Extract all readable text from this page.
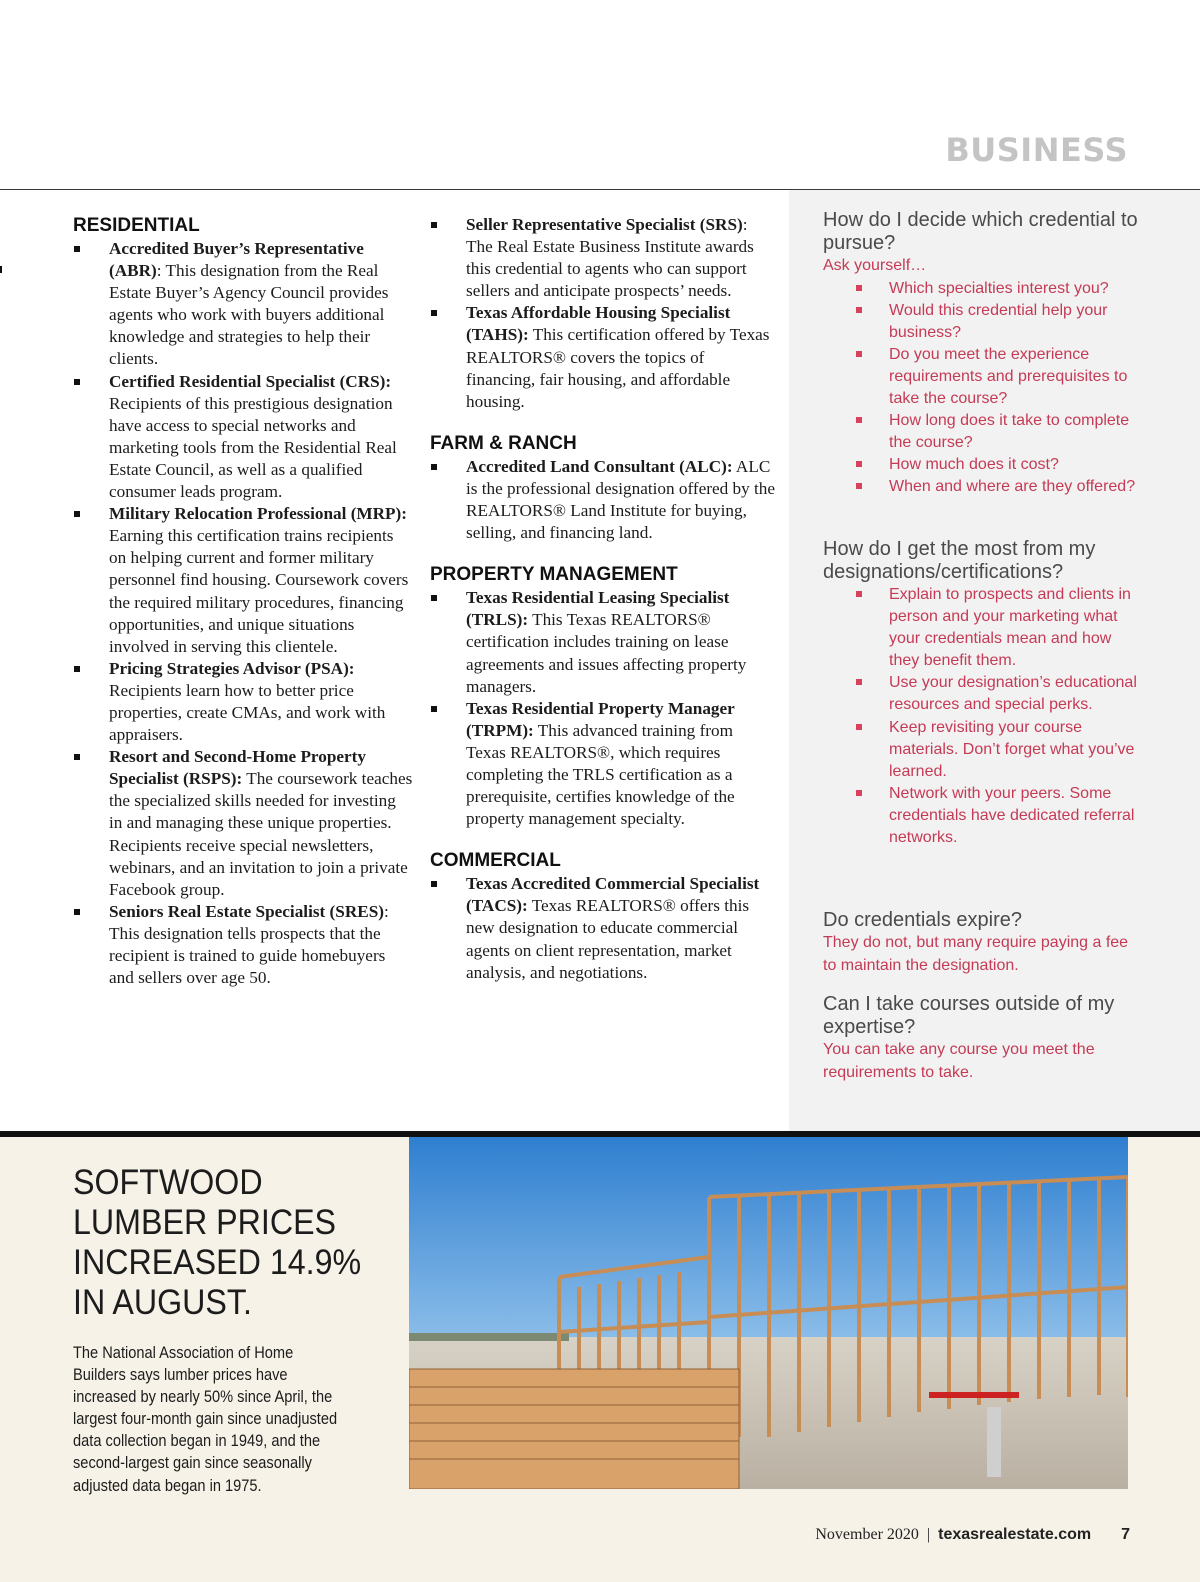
BUSINESS
RESIDENTIAL
Accredited Buyer’s Representative (ABR): This designation from the Real Estate Buyer’s Agency Council provides agents who work with buyers additional knowledge and strategies to help their clients.
Certified Residential Specialist (CRS): Recipients of this prestigious designation have access to special networks and marketing tools from the Residential Real Estate Council, as well as a qualified consumer leads program.
Military Relocation Professional (MRP): Earning this certification trains recipients on helping current and former military personnel find housing. Coursework covers the required military procedures, financing opportunities, and unique situations involved in serving this clientele.
Pricing Strategies Advisor (PSA): Recipients learn how to better price properties, create CMAs, and work with appraisers.
Resort and Second-Home Property Specialist (RSPS): The coursework teaches the specialized skills needed for investing in and managing these unique properties. Recipients receive special newsletters, webinars, and an invitation to join a private Facebook group.
Seniors Real Estate Specialist (SRES): This designation tells prospects that the recipient is trained to guide homebuyers and sellers over age 50.
Seller Representative Specialist (SRS): The Real Estate Business Institute awards this credential to agents who can support sellers and anticipate prospects’ needs.
Texas Affordable Housing Specialist (TAHS): This certification offered by Texas REALTORS® covers the topics of financing, fair housing, and affordable housing.
FARM & RANCH
Accredited Land Consultant (ALC): ALC is the professional designation offered by the REALTORS® Land Institute for buying, selling, and financing land.
PROPERTY MANAGEMENT
Texas Residential Leasing Specialist (TRLS): This Texas REALTORS® certification includes training on lease agreements and issues affecting property managers.
Texas Residential Property Manager (TRPM): This advanced training from Texas REALTORS®, which requires completing the TRLS certification as a prerequisite, certifies knowledge of the property management specialty.
COMMERCIAL
Texas Accredited Commercial Specialist (TACS): Texas REALTORS® offers this new designation to educate commercial agents on client representation, market analysis, and negotiations.
How do I decide which credential to pursue?

Ask yourself…

Which specialties interest you?
Would this credential help your business?
Do you meet the experience requirements and prerequisites to take the course?
How long does it take to complete the course?
How much does it cost?
When and where are they offered?
How do I get the most from my designations/certifications?
Explain to prospects and clients in person and your marketing what your credentials mean and how they benefit them.
Use your designation’s educational resources and special perks.
Keep revisiting your course materials. Don’t forget what you’ve learned.
Network with your peers. Some credentials have dedicated referral networks.
Do credentials expire?

They do not, but many require paying a fee to maintain the designation.

Can I take courses outside of my expertise?

You can take any course you meet the requirements to take.

SOFTWOOD LUMBER PRICES INCREASED 14.9% IN AUGUST.

The National Association of Home Builders says lumber prices have increased by nearly 50% since April, the largest four-month gain since unadjusted data collection began in 1949, and the second-largest gain since seasonally adjusted data began in 1975.

November 2020 | texasrealestate.com 7
